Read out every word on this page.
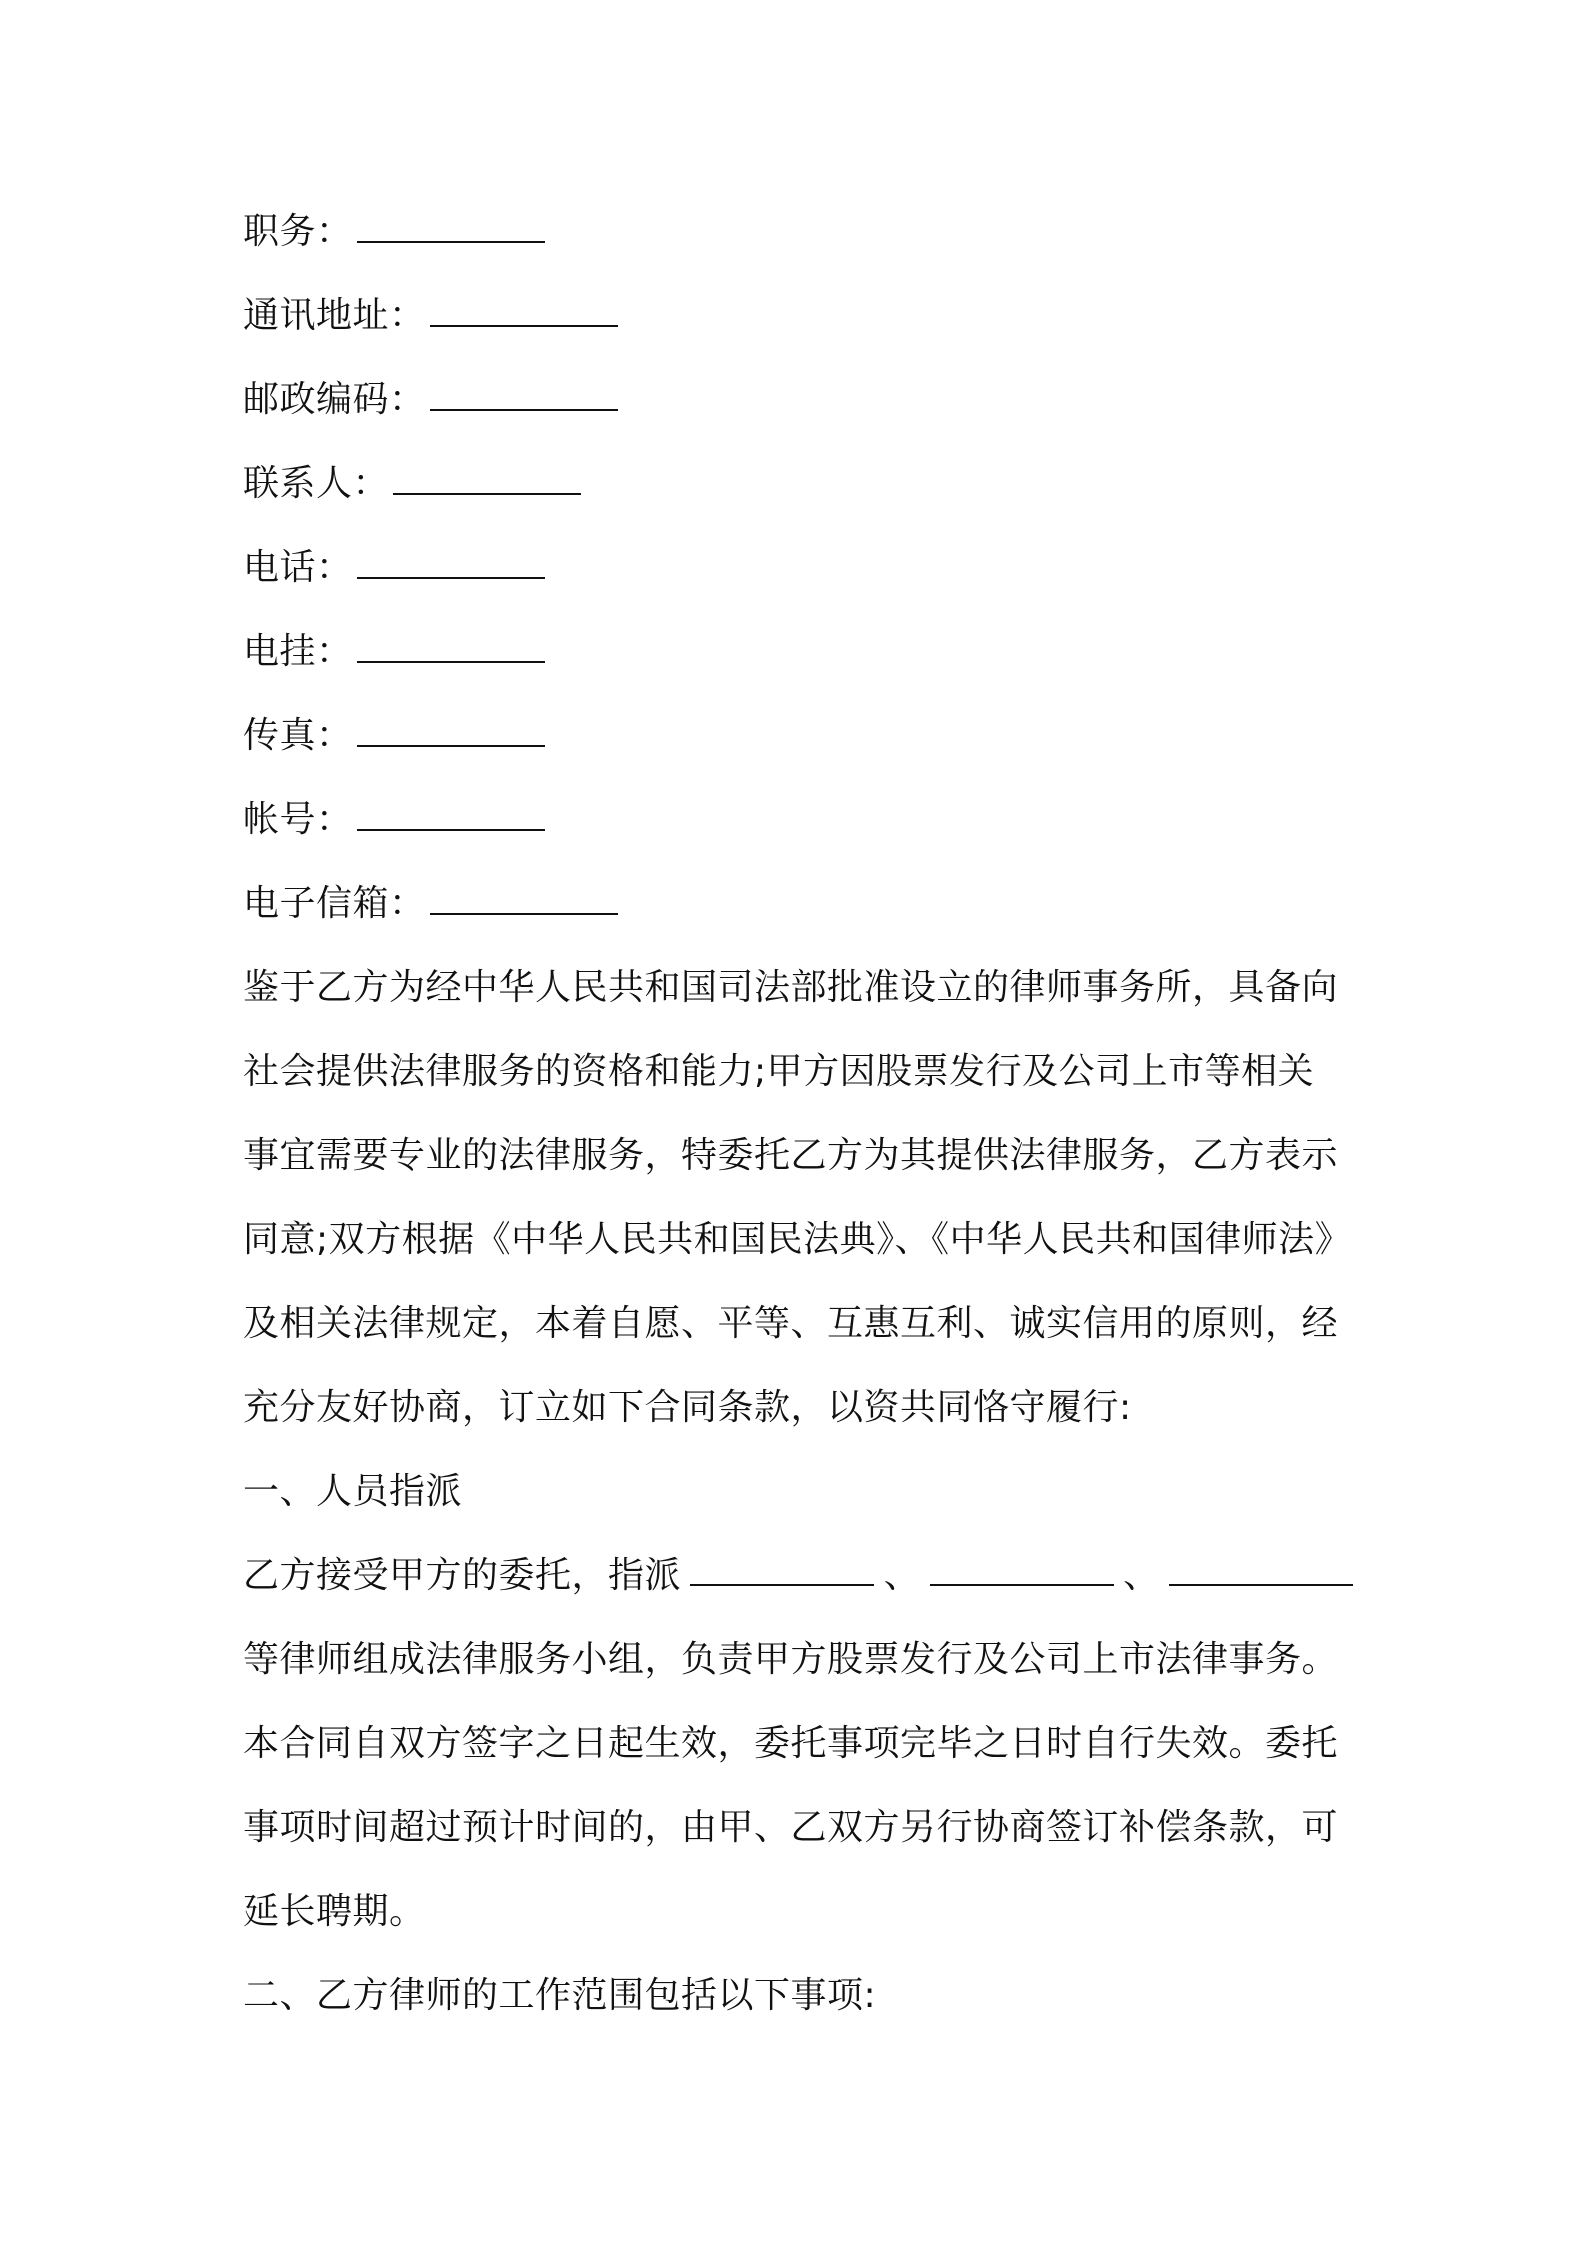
职务：
通讯地址：
邮政编码：
联系人：
电话：
电挂：
传真：
帐号：
电子信箱：
鉴于乙方为经中华人民共和国司法部批准设立的律师事务所，具备向
社会提供法律服务的资格和能力;甲方因股票发行及公司上市等相关
事宜需要专业的法律服务，特委托乙方为其提供法律服务，乙方表示
同意;双方根据《中华人民共和国民法典》、《中华人民共和国律师法》
及相关法律规定，本着自愿、平等、互惠互利、诚实信用的原则，经
充分友好协商，订立如下合同条款，以资共同恪守履行:
一、人员指派
乙方接受甲方的委托，指派	、	、
等律师组成法律服务小组，负责甲方股票发行及公司上市法律事务。
本合同自双方签字之日起生效，委托事项完毕之日时自行失效。委托
事项时间超过预计时间的，由甲、乙双方另行协商签订补偿条款，可
延长聘期。
二、乙方律师的工作范围包括以下事项:
